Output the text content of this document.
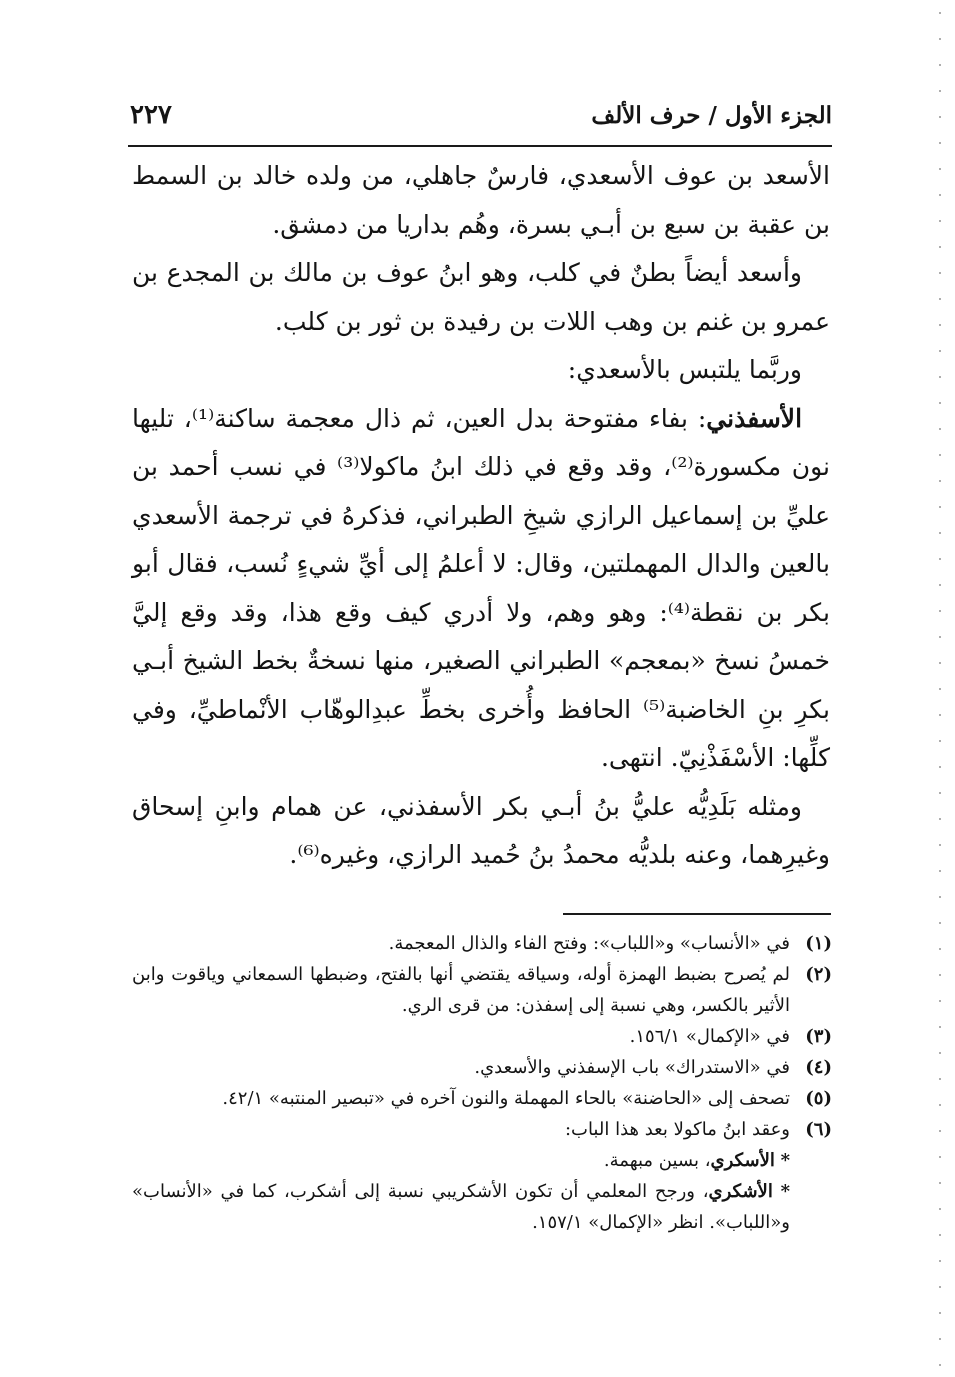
الجزء الأول / حرف الألف
٢٢٧

الأسعد بن عوف الأسعدي، فارسٌ جاهلي، من ولده خالد بن السمط بن عقبة بن سبع بن أبـي بسرة، وهُم بداريا من دمشق.

وأسعد أيضاً بطنٌ في كلب، وهو ابنُ عوف بن مالك بن المجدع بن عمرو بن غنم بن وهب اللات بن رفيدة بن ثور بن كلب.

وربَّما يلتبس بالأسعدي:

الأسفذني: بفاء مفتوحة بدل العين، ثم ذال معجمة ساكنة⁽¹⁾، تليها نون مكسورة⁽²⁾، وقد وقع في ذلك ابنُ ماكولا⁽³⁾ في نسب أحمد بن عليِّ بن إسماعيل الرازي شيخِ الطبراني، فذكرهُ في ترجمة الأسعدي بالعين والدال المهملتين، وقال: لا أعلمُ إلى أيِّ شيءٍ نُسب، فقال أبو بكر بن نقطة⁽⁴⁾: وهو وهم، ولا أدري كيف وقع هذا، وقد وقع إليَّ خمسُ نسخ «بمعجم» الطبراني الصغير، منها نسخةٌ بخط الشيخ أبـي بكرِ بنِ الخاضبة⁽⁵⁾ الحافظ وأُخرى بخطِّ عبدِالوهّاب الأنْماطيِّ، وفي كلِّها: الأسْفَذْنِيّ. انتهى.

ومثله بَلَدِيُّه عليُّ بنُ أبـي بكر الأسفذني، عن همام وابنِ إسحاق وغيرِهما، وعنه بلديُّه محمدُ بنُ حُميد الرازي، وغيره⁽⁶⁾.

(١)
في «الأنساب» و«اللباب»: وفتح الفاء والذال المعجمة.

(٢)
لم يُصرح بضبط الهمزة أوله، وسياقه يقتضي أنها بالفتح، وضبطها السمعاني وياقوت وابن الأثير بالكسر، وهي نسبة إلى إسفذن: من قرى الري.

(٣)
في «الإكمال» ١٥٦/١.

(٤)
في «الاستدراك» باب الإسفذني والأسعدي.

(٥)
تصحف إلى «الحاضنة» بالحاء المهملة والنون آخره في «تبصير المنتبه» ٤٢/١.

(٦)
وعقد ابنُ ماكولا بعد هذا الباب:

* الأسكري، بسين مبهمة.

* الأشكري، ورجح المعلمي أن تكون الأشكريبي نسبة إلى أشكرب، كما في «الأنساب» و«اللباب». انظر «الإكمال» ١٥٧/١.
